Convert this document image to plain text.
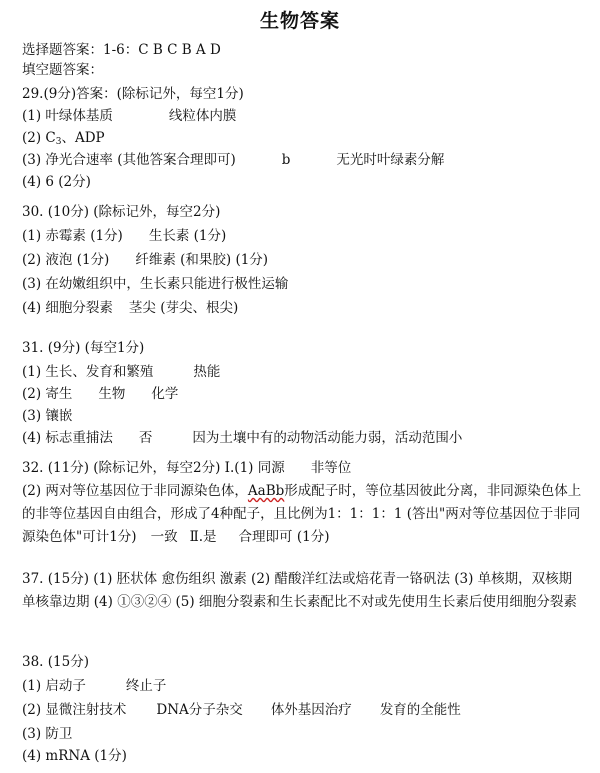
生物答案
选择题答案：1-6：C B C B A D
填空题答案：
29.(9分)答案：(除标记外，每空1分)
(1) 叶绿体基质	线粒体内膜
(2) $C_3$、ADP
(3) 净光合速率 (其他答案合理即可)	b	无光时叶绿素分解
(4) 6 (2分)
30. (10分) (除标记外，每空2分)
(1) 赤霉素 (1分) 生长素 (1分)
(2) 液泡 (1分) 纤维素 (和果胶) (1分)
(3) 在幼嫩组织中，生长素只能进行极性运输
(4) 细胞分裂素 茎尖 (芽尖、根尖)
31. (9分) (每空1分)
(1) 生长、发育和繁殖	热能
(2) 寄生 生物 化学
(3) 镶嵌
(4) 标志重捕法 否	因为土壤中有的动物活动能力弱，活动范围小
32. (11分) (除标记外，每空2分) Ⅰ.(1) 同源 非等位
(2) 两对等位基因位于非同源染色体，AaBb形成配子时，等位基因彼此分离，非同源染色体上的非等位基因自由组合，形成了4种配子，且比例为1：1：1：1 (答出"两对等位基因位于非同源染色体"可计1分) 一致 Ⅱ.是 合理即可 (1分)
37. (15分) (1) 胚状体 愈伤组织 激素 (2) 醋酸洋红法或焙花青一铬矾法 (3) 单核期，双核期 单核靠边期 (4) ①③②④ (5) 细胞分裂素和生长素配比不对或先使用生长素后使用细胞分裂素
38. (15分)
(1) 启动子	终止子
(2) 显微注射技术 DNA分子杂交 体外基因治疗 发育的全能性
(3) 防卫
(4) mRNA (1分)
